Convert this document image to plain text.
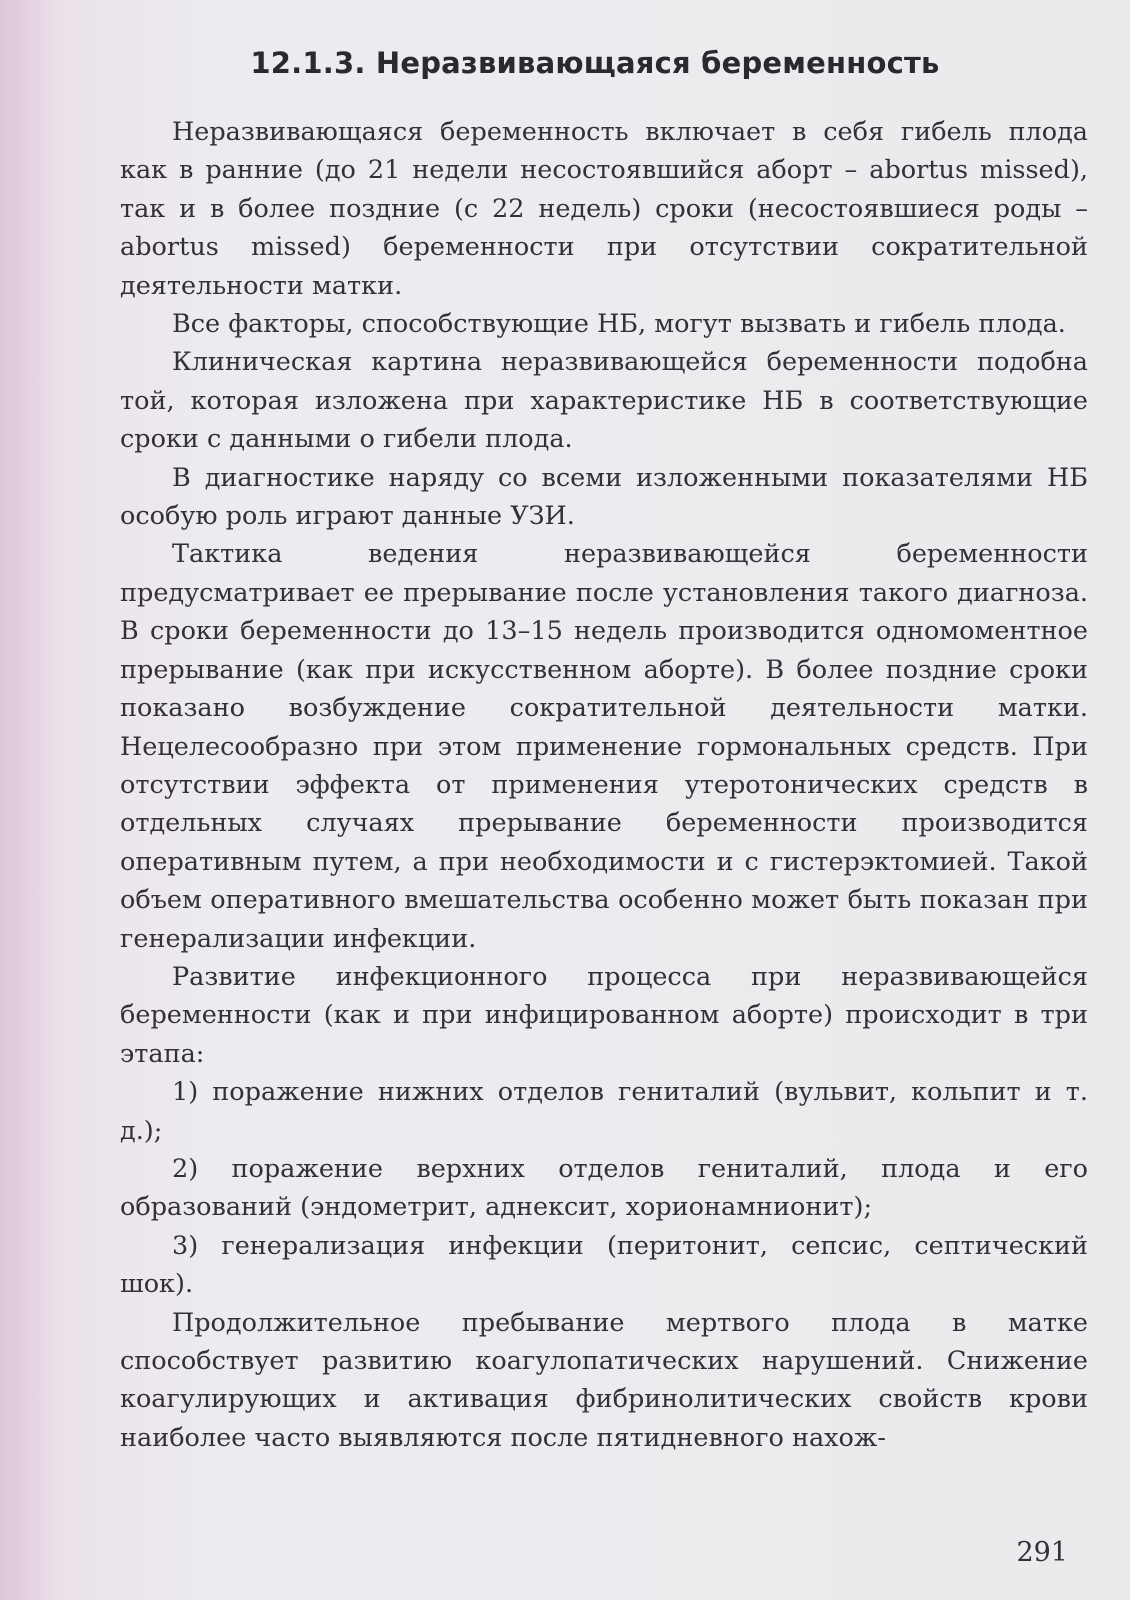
12.1.3. Неразвивающаяся беременность

Неразвивающаяся беременность включает в себя гибель плода как в ранние (до 21 недели несостоявшийся аборт – abortus missed), так и в более поздние (с 22 недель) сроки (несостоявшиеся роды – abortus missed) беременности при отсутствии сократительной деятельности матки.

Все факторы, способствующие НБ, могут вызвать и гибель плода.

Клиническая картина неразвивающейся беременности подобна той, которая изложена при характеристике НБ в соответствующие сроки с данными о гибели плода.

В диагностике наряду со всеми изложенными показателями НБ особую роль играют данные УЗИ.

Тактика ведения неразвивающейся беременности предусматривает ее прерывание после установления такого диагноза. В сроки беременности до 13–15 недель производится одномоментное прерывание (как при искусственном аборте). В более поздние сроки показано возбуждение сократительной деятельности матки. Нецелесообразно при этом применение гормональных средств. При отсутствии эффекта от применения утеротонических средств в отдельных случаях прерывание беременности производится оперативным путем, а при необходимости и с гистерэктомией. Такой объем оперативного вмешательства особенно может быть показан при генерализации инфекции.

Развитие инфекционного процесса при неразвивающейся беременности (как и при инфицированном аборте) происходит в три этапа:

1) поражение нижних отделов гениталий (вульвит, кольпит и т. д.);

2) поражение верхних отделов гениталий, плода и его образований (эндометрит, аднексит, хорионамнионит);

3) генерализация инфекции (перитонит, сепсис, септический шок).

Продолжительное пребывание мертвого плода в матке способствует развитию коагулопатических нарушений. Снижение коагулирующих и активация фибринолитических свойств крови наиболее часто выявляются после пятидневного нахож-

291
